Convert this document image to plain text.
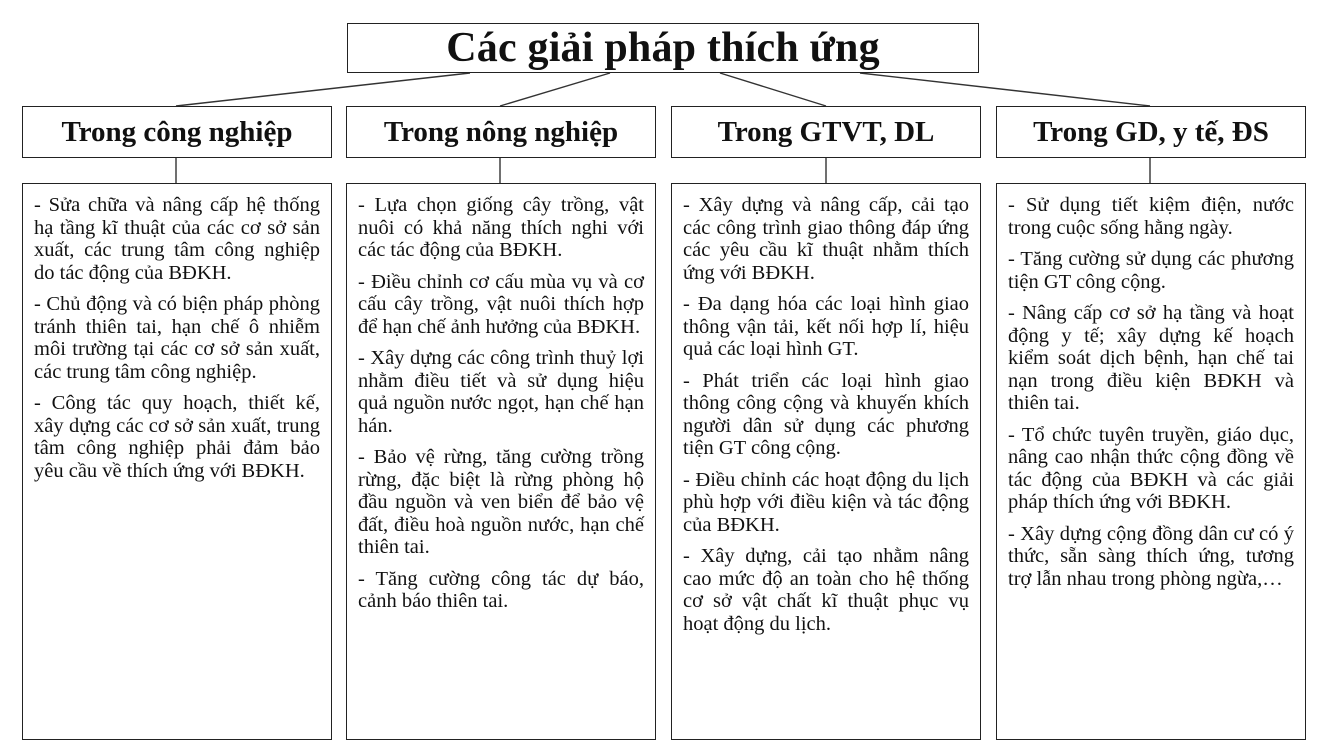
Các giải pháp thích ứng
Trong công nghiệp	Trong nông nghiệp	Trong GTVT, DL	Trong GD, y tế, ĐS

- Sửa chữa và nâng cấp hệ thống hạ tầng kĩ thuật của các cơ sở sản xuất, các trung tâm công nghiệp do tác động của BĐKH.

- Chủ động và có biện pháp phòng tránh thiên tai, hạn chế ô nhiễm môi trường tại các cơ sở sản xuất, các trung tâm công nghiệp.

- Công tác quy hoạch, thiết kế, xây dựng các cơ sở sản xuất, trung tâm công nghiệp phải đảm bảo yêu cầu về thích ứng với BĐKH.

- Lựa chọn giống cây trồng, vật nuôi có khả năng thích nghi với các tác động của BĐKH.

- Điều chỉnh cơ cấu mùa vụ và cơ cấu cây trồng, vật nuôi thích hợp để hạn chế ảnh hưởng của BĐKH.

- Xây dựng các công trình thuỷ lợi nhằm điều tiết và sử dụng hiệu quả nguồn nước ngọt, hạn chế hạn hán.

- Bảo vệ rừng, tăng cường trồng rừng, đặc biệt là rừng phòng hộ đầu nguồn và ven biển để bảo vệ đất, điều hoà nguồn nước, hạn chế thiên tai.

- Tăng cường công tác dự báo, cảnh báo thiên tai.

- Xây dựng và nâng cấp, cải tạo các công trình giao thông đáp ứng các yêu cầu kĩ thuật nhằm thích ứng với BĐKH.

- Đa dạng hóa các loại hình giao thông vận tải, kết nối hợp lí, hiệu quả các loại hình GT.

- Phát triển các loại hình giao thông công cộng và khuyến khích người dân sử dụng các phương tiện GT công cộng.

- Điều chỉnh các hoạt động du lịch phù hợp với điều kiện và tác động của BĐKH.

- Xây dựng, cải tạo nhằm nâng cao mức độ an toàn cho hệ thống cơ sở vật chất kĩ thuật phục vụ hoạt động du lịch.

- Sử dụng tiết kiệm điện, nước trong cuộc sống hằng ngày.

- Tăng cường sử dụng các phương tiện GT công cộng.

- Nâng cấp cơ sở hạ tầng và hoạt động y tế; xây dựng kế hoạch kiểm soát dịch bệnh, hạn chế tai nạn trong điều kiện BĐKH và thiên tai.

- Tổ chức tuyên truyền, giáo dục, nâng cao nhận thức cộng đồng về tác động của BĐKH và các giải pháp thích ứng với BĐKH.

- Xây dựng cộng đồng dân cư có ý thức, sẵn sàng thích ứng, tương trợ lẫn nhau trong phòng ngừa,…
